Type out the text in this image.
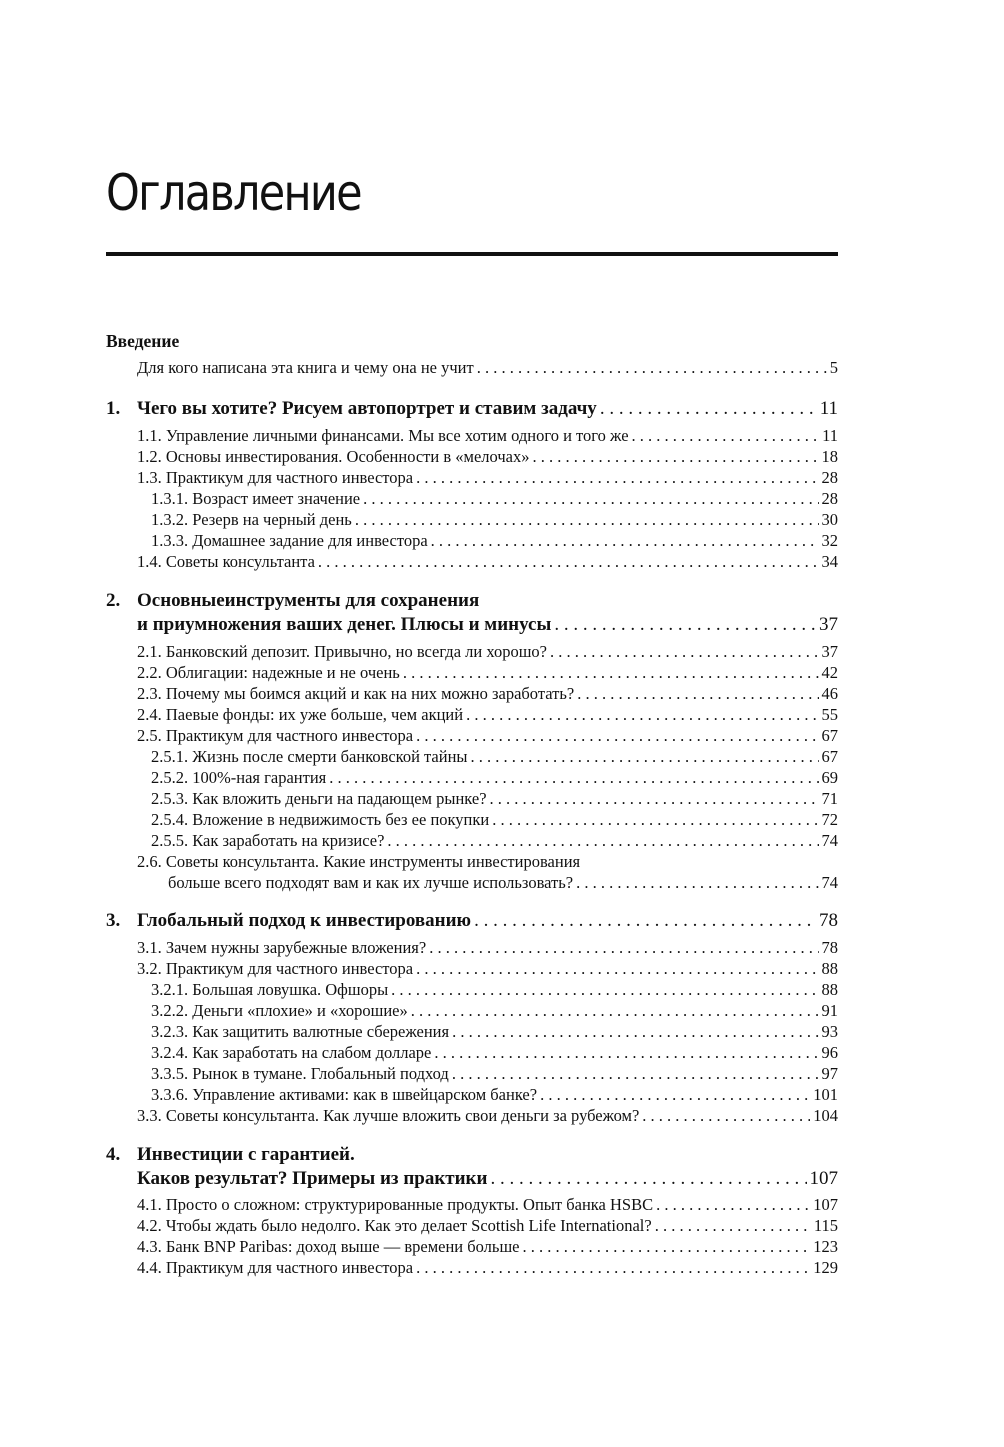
Оглавление
Введение
Для кого написана эта книга и чему она не учит . . .	5
1. Чего вы хотите? Рисуем автопортрет и ставим задачу . . .	11
1.1. Управление личными финансами. Мы все хотим одного и того же . . .	11
1.2. Основы инвестирования. Особенности в «мелочах» . . .	18
1.3. Практикум для частного инвестора . . .	28
1.3.1. Возраст имеет значение . . .	28
1.3.2. Резерв на черный день . . .	30
1.3.3. Домашнее задание для инвестора . . .	32
1.4. Советы консультанта . . .	34
2. Основныеинструменты для сохранения
и приумножения ваших денег. Плюсы и минусы . . .	37
2.1. Банковский депозит. Привычно, но всегда ли хорошо? . . .	37
2.2. Облигации: надежные и не очень . . .	42
2.3. Почему мы боимся акций и как на них можно заработать? . . .	46
2.4. Паевые фонды: их уже больше, чем акций . . .	55
2.5. Практикум для частного инвестора . . .	67
2.5.1. Жизнь после смерти банковской тайны . . .	67
2.5.2. 100%-ная гарантия . . .	69
2.5.3. Как вложить деньги на падающем рынке? . . .	71
2.5.4. Вложение в недвижимость без ее покупки . . .	72
2.5.5. Как заработать на кризисе? . . .	74
2.6. Советы консультанта. Какие инструменты инвестирования
больше всего подходят вам и как их лучше использовать? . . .	74
3. Глобальный подход к инвестированию . . .	78
3.1. Зачем нужны зарубежные вложения? . . .	78
3.2. Практикум для частного инвестора . . .	88
3.2.1. Большая ловушка. Офшоры . . .	88
3.2.2. Деньги «плохие» и «хорошие» . . .	91
3.2.3. Как защитить валютные сбережения . . .	93
3.2.4. Как заработать на слабом долларе . . .	96
3.3.5. Рынок в тумане. Глобальный подход . . .	97
3.3.6. Управление активами: как в швейцарском банке? . . .	101
3.3. Советы консультанта. Как лучше вложить свои деньги за рубежом? . . .	104
4. Инвестиции с гарантией.
Каков результат? Примеры из практики . . .	107
4.1. Просто о сложном: структурированные продукты. Опыт банка HSBC . . .	107
4.2. Чтобы ждать было недолго. Как это делает Scottish Life International? . . .	115
4.3. Банк BNP Paribas: доход выше — времени больше . . .	123
4.4. Практикум для частного инвестора . . .	129
